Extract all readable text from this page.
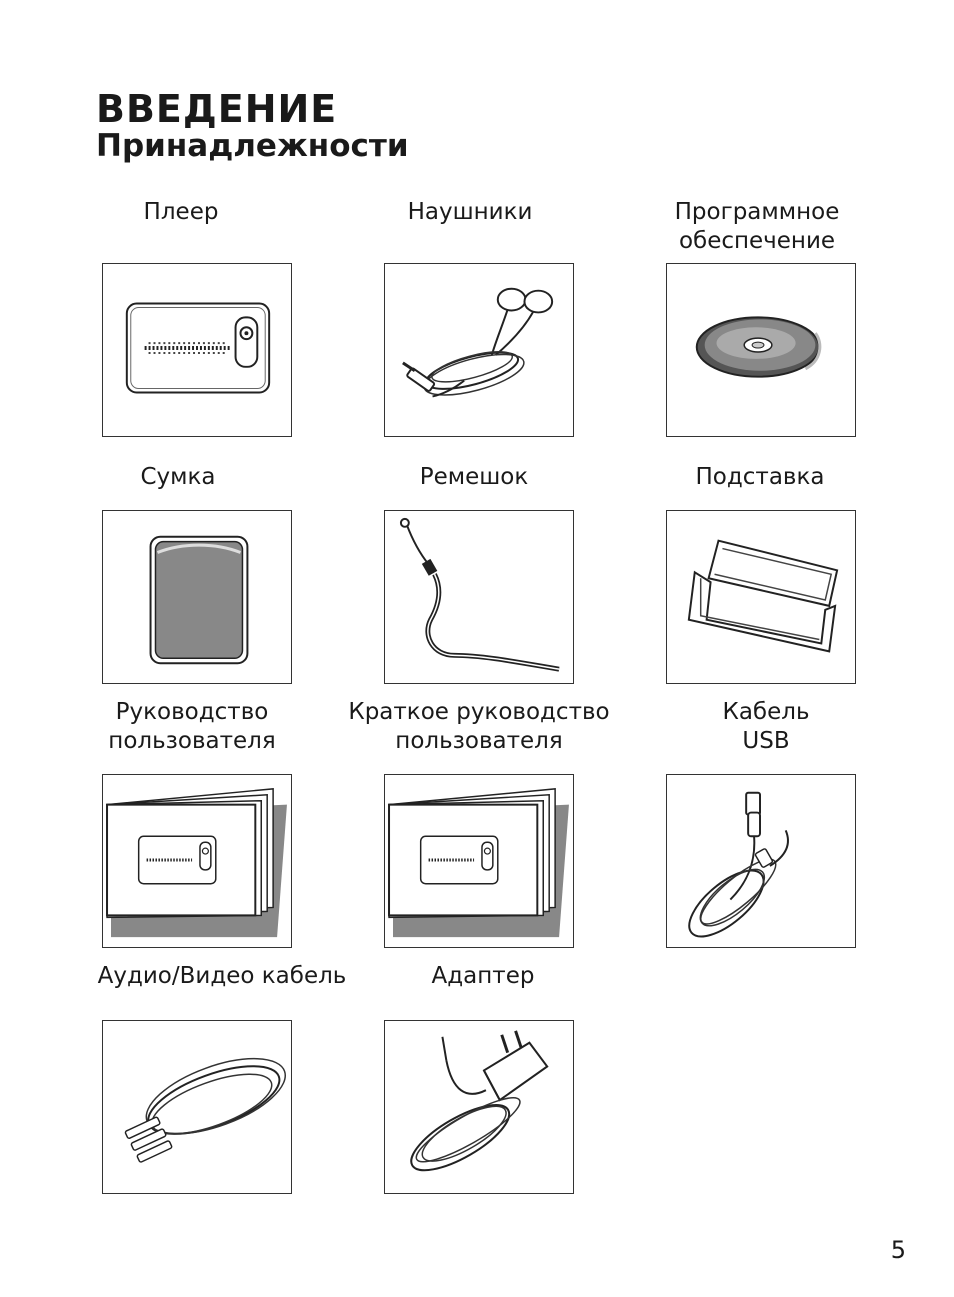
ВВЕДЕНИЕ
Принадлежности
Плеер	Наушники	Программное
обеспечение
Сумка	Ремешок	Подставка
Руководство
пользователя
Краткое руководство
пользователя
Кабель
USB
Аудио/Видео кабель	Адаптер
5
